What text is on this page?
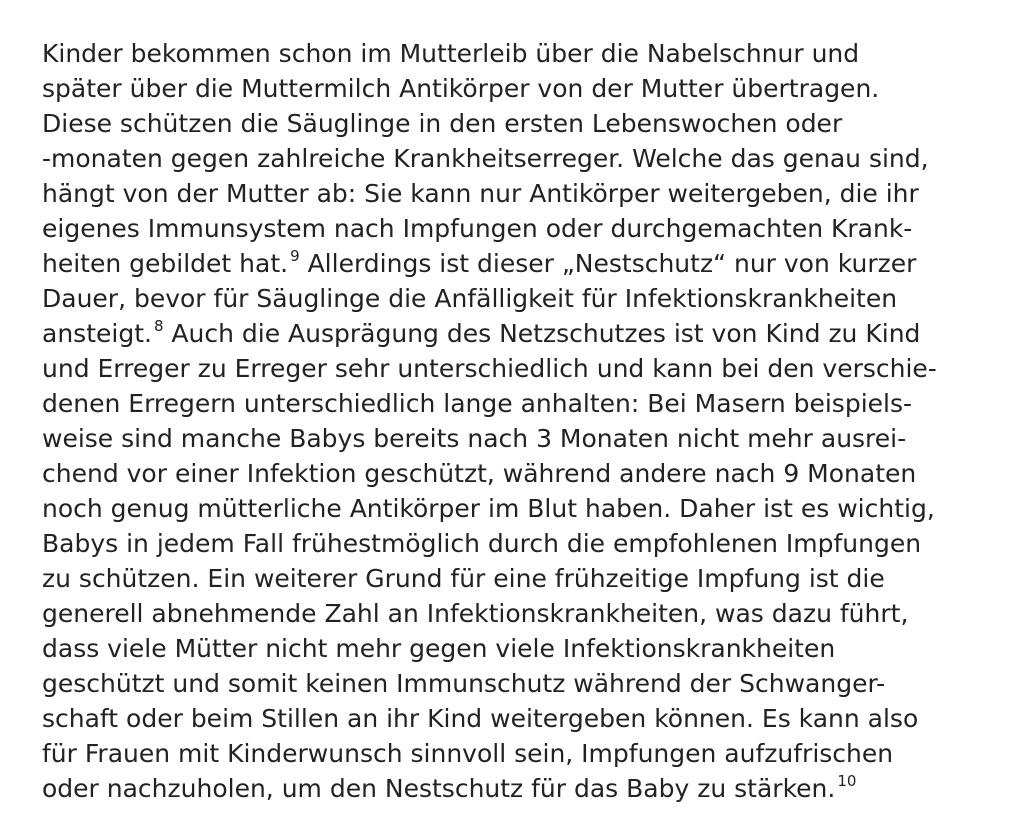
Kinder bekommen schon im Mutterleib über die Nabelschnur und
später über die Muttermilch Antikörper von der Mutter übertragen.
Diese schützen die Säuglinge in den ersten Lebenswochen oder
-monaten gegen zahlreiche Krankheitserreger. Welche das genau sind,
hängt von der Mutter ab: Sie kann nur Antikörper weitergeben, die ihr
eigenes Immunsystem nach Impfungen oder durchgemachten Krank-
heiten gebildet hat. $^9$ Allerdings ist dieser „Nestschutz“ nur von kurzer
Dauer, bevor für Säuglinge die Anfälligkeit für Infektionskrankheiten
ansteigt. $^8$ Auch die Ausprägung des Netzschutzes ist von Kind zu Kind
und Erreger zu Erreger sehr unterschiedlich und kann bei den verschie-
denen Erregern unterschiedlich lange anhalten: Bei Masern beispiels-
weise sind manche Babys bereits nach 3 Monaten nicht mehr ausrei-
chend vor einer Infektion geschützt, während andere nach 9 Monaten
noch genug mütterliche Antikörper im Blut haben. Daher ist es wichtig,
Babys in jedem Fall frühestmöglich durch die empfohlenen Impfungen
zu schützen. Ein weiterer Grund für eine frühzeitige Impfung ist die
generell abnehmende Zahl an Infektionskrankheiten, was dazu führt,
dass viele Mütter nicht mehr gegen viele Infektionskrankheiten
geschützt und somit keinen Immunschutz während der Schwanger-
schaft oder beim Stillen an ihr Kind weitergeben können. Es kann also
für Frauen mit Kinderwunsch sinnvoll sein, Impfungen aufzufrischen
oder nachzuholen, um den Nestschutz für das Baby zu stärken. $^{10}$
